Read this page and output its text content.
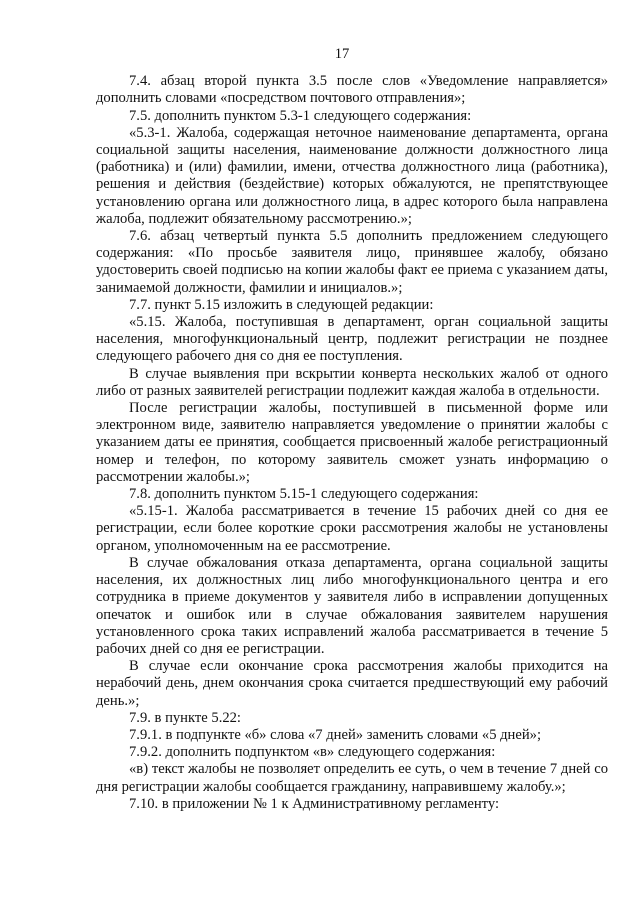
17

7.4. абзац второй пункта 3.5 после слов «Уведомление направляется» дополнить словами «посредством почтового отправления»;

7.5. дополнить пунктом 5.3-1 следующего содержания:

«5.3-1. Жалоба, содержащая неточное наименование департамента, органа социальной защиты населения, наименование должности должностного лица (работника) и (или) фамилии, имени, отчества должностного лица (работника), решения и действия (бездействие) которых обжалуются, не препятствующее установлению органа или должностного лица, в адрес которого была направлена жалоба, подлежит обязательному рассмотрению.»;

7.6. абзац четвертый пункта 5.5 дополнить предложением следующего содержания: «По просьбе заявителя лицо, принявшее жалобу, обязано удостоверить своей подписью на копии жалобы факт ее приема с указанием даты, занимаемой должности, фамилии и инициалов.»;

7.7. пункт 5.15 изложить в следующей редакции:

«5.15. Жалоба, поступившая в департамент, орган социальной защиты населения, многофункциональный центр, подлежит регистрации не позднее следующего рабочего дня со дня ее поступления.

В случае выявления при вскрытии конверта нескольких жалоб от одного либо от разных заявителей регистрации подлежит каждая жалоба в отдельности.

После регистрации жалобы, поступившей в письменной форме или электронном виде, заявителю направляется уведомление о принятии жалобы с указанием даты ее принятия, сообщается присвоенный жалобе регистрационный номер и телефон, по которому заявитель сможет узнать информацию о рассмотрении жалобы.»;

7.8. дополнить пунктом 5.15-1 следующего содержания:

«5.15-1. Жалоба рассматривается в течение 15 рабочих дней со дня ее регистрации, если более короткие сроки рассмотрения жалобы не установлены органом, уполномоченным на ее рассмотрение.

В случае обжалования отказа департамента, органа социальной защиты населения, их должностных лиц либо многофункционального центра и его сотрудника в приеме документов у заявителя либо в исправлении допущенных опечаток и ошибок или в случае обжалования заявителем нарушения установленного срока таких исправлений жалоба рассматривается в течение 5 рабочих дней со дня ее регистрации.

В случае если окончание срока рассмотрения жалобы приходится на нерабочий день, днем окончания срока считается предшествующий ему рабочий день.»;

7.9. в пункте 5.22:

7.9.1. в подпункте «б» слова «7 дней» заменить словами «5 дней»;

7.9.2. дополнить подпунктом «в» следующего содержания:

«в) текст жалобы не позволяет определить ее суть, о чем в течение 7 дней со дня регистрации жалобы сообщается гражданину, направившему жалобу.»;

7.10. в приложении № 1 к Административному регламенту:
